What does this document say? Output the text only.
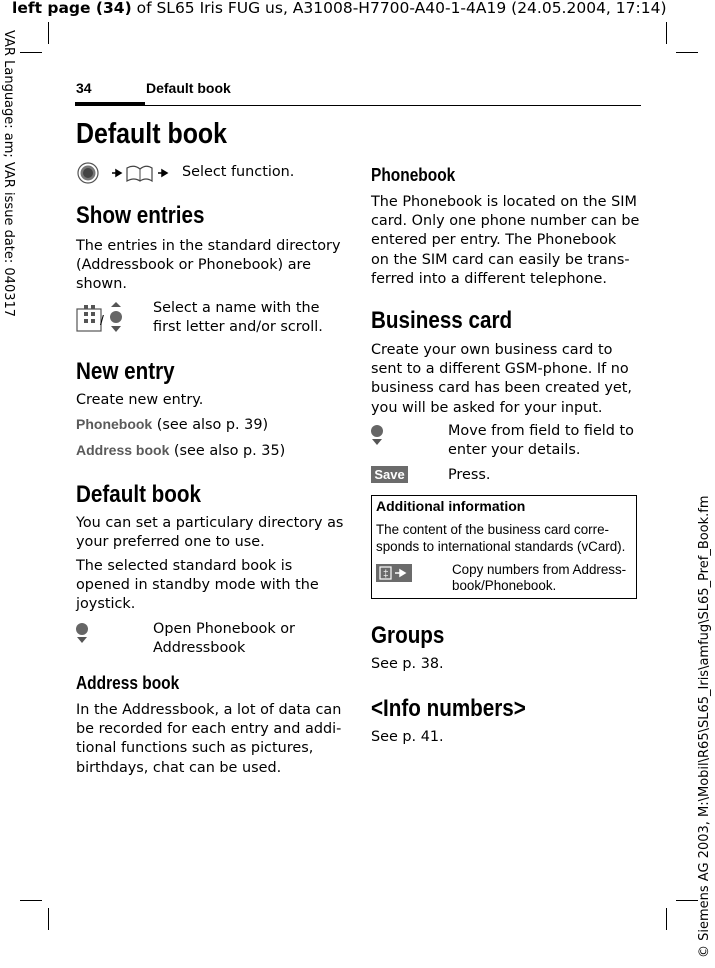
left page (34) of SL65 Iris FUG us, A31008-H7700-A40-1-4A19 (24.05.2004, 17:14)
VAR Language: am; VAR issue date: 040317
© Siemens AG 2003, M:\Mobil\R65\SL65_Iris\amfug\SL65_Pref_Book.fm
34	Default book
Default book
Select function.
Show entries
The entries in the standard directory
(Addressbook or Phonebook) are
shown.
/
Select a name with the
first letter and/or scroll.
New entry
Create new entry.
Phonebook (see also p. 39)
Address book (see also p. 35)
Default book
You can set a particulary directory as
your preferred one to use.
The selected standard book is
opened in standby mode with the
joystick.
Open Phonebook or
Addressbook
Address book
In the Addressbook, a lot of data can
be recorded for each entry and addi-
tional functions such as pictures,
birthdays, chat can be used.
Phonebook
The Phonebook is located on the SIM
card. Only one phone number can be
entered per entry. The Phonebook
on the SIM card can easily be trans-
ferred into a different telephone.
Business card
Create your own business card to
sent to a different GSM-phone. If no
business card has been created yet,
you will be asked for your input.
Move from field to field to
enter your details.
Save	Press.
Additional information
The content of the business card corre-
sponds to international standards (vCard).
‡	Copy numbers from Address-
book/Phonebook.
Groups
See p. 38.
<Info numbers>
See p. 41.
